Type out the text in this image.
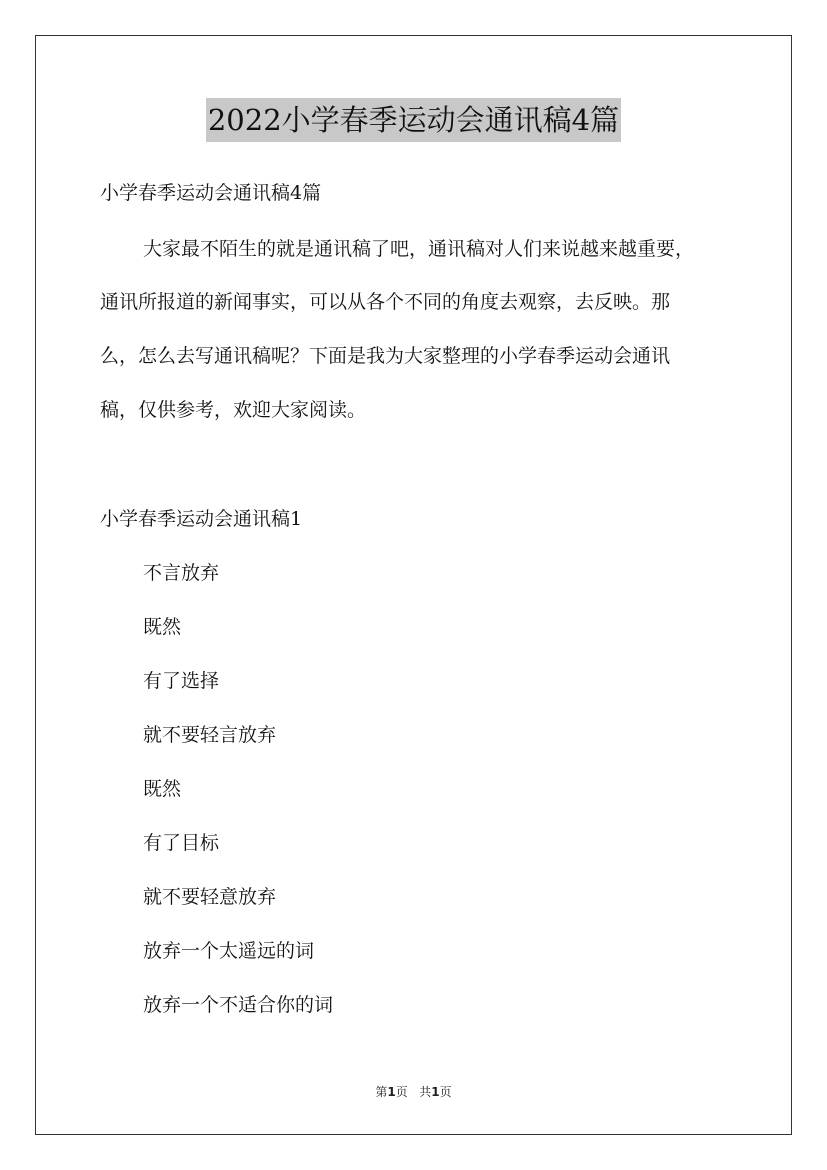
2022小学春季运动会通讯稿4篇

小学春季运动会通讯稿4篇

大家最不陌生的就是通讯稿了吧，通讯稿对人们来说越来越重要，

通讯所报道的新闻事实，可以从各个不同的角度去观察，去反映。那

么，怎么去写通讯稿呢？下面是我为大家整理的小学春季运动会通讯

稿，仅供参考，欢迎大家阅读。

小学春季运动会通讯稿1

不言放弃

既然

有了选择

就不要轻言放弃

既然

有了目标

就不要轻意放弃

放弃一个太遥远的词

放弃一个不适合你的词

第1页   共1页
